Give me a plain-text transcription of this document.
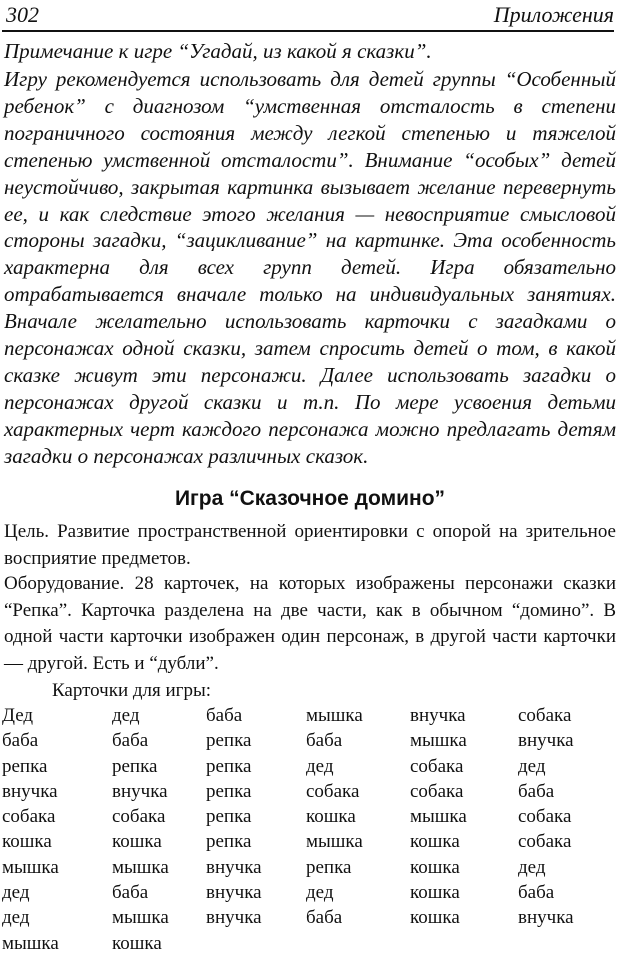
302	Приложения
Примечание к игре “Угадай, из какой я сказки”.

Игру рекомендуется использовать для детей группы “Особенный ребенок” с диагнозом “умственная отсталость в степени пограничного состояния между легкой степенью и тяжелой степенью умственной отсталости”. Внимание “особых” детей неустойчиво, закрытая картинка вызывает желание перевернуть ее, и как следствие этого желания — невосприятие смысловой стороны загадки, “зацикливание” на картинке. Эта особенность характерна для всех групп детей. Игра обязательно отрабатывается вначале только на индивидуальных занятиях. Вначале желательно использовать карточки с загадками о персонажах одной сказки, затем спросить детей о том, в какой сказке живут эти персонажи. Далее использовать загадки о персонажах другой сказки и т.п. По мере усвоения детьми характерных черт каждого персонажа можно предлагать детям загадки о персонажах различных сказок.

Игра “Сказочное домино”

Цель. Развитие пространственной ориентировки с опорой на зрительное восприятие предметов.

Оборудование. 28 карточек, на которых изображены персонажи сказки “Репка”. Карточка разделена на две части, как в обычном “домино”. В одной части карточки изображен один персонаж, в другой части карточки — другой. Есть и “дубли”.

Карточки для игры:
Дед	дед	баба	мышка	внучка	собака
баба	баба	репка	баба	мышка	внучка
репка	репка	репка	дед	собака	дед
внучка	внучка	репка	собака	собака	баба
собака	собака	репка	кошка	мышка	собака
кошка	кошка	репка	мышка	кошка	собака
мышка	мышка	внучка	репка	кошка	дед
дед	баба	внучка	дед	кошка	баба
дед	мышка	внучка	баба	кошка	внучка
мышка	кошка				
